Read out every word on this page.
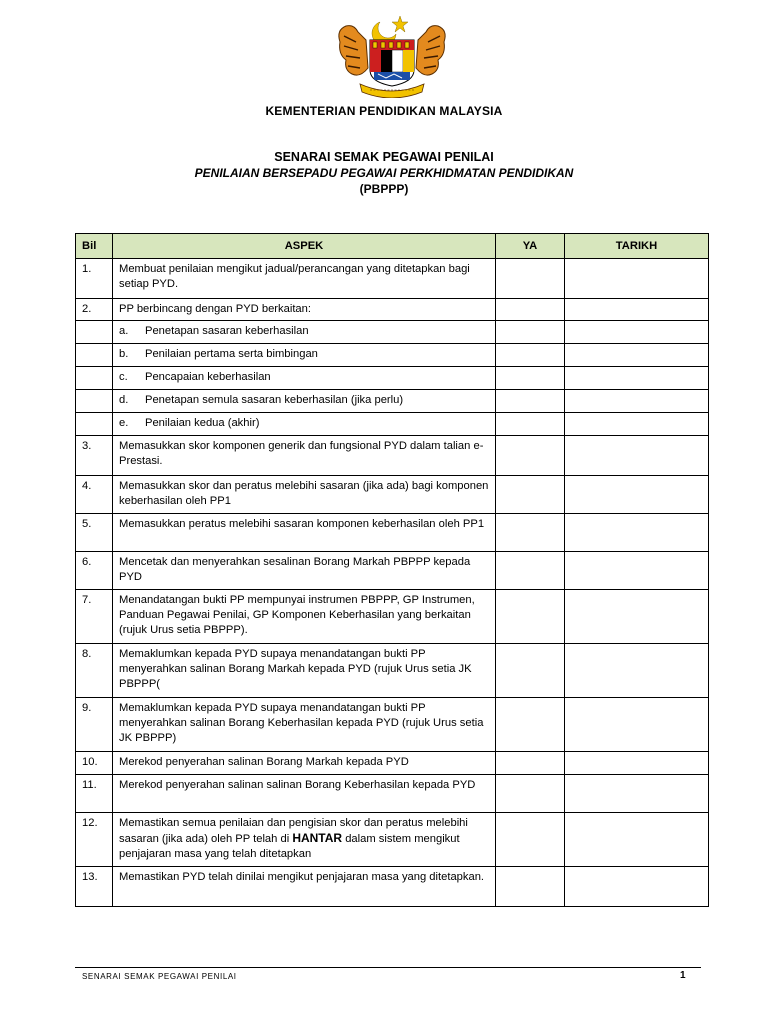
KEMENTERIAN PENDIDIKAN MALAYSIA
SENARAI SEMAK PEGAWAI PENILAI
PENILAIAN BERSEPADU PEGAWAI PERKHIDMATAN PENDIDIKAN
(PBPPP)
Bil	ASPEK	YA	TARIKH
1.	Membuat penilaian mengikut jadual/perancangan yang ditetapkan bagi setiap PYD.		
2.	PP berbincang dengan PYD berkaitan:		
	a. Penetapan sasaran keberhasilan		
	b. Penilaian pertama serta bimbingan		
	c. Pencapaian keberhasilan		
	d. Penetapan semula sasaran keberhasilan (jika perlu)		
	e. Penilaian kedua (akhir)		
3.	Memasukkan skor komponen generik dan fungsional PYD dalam talian e-Prestasi.		
4.	Memasukkan skor dan peratus melebihi sasaran (jika ada) bagi komponen keberhasilan oleh PP1		
5.	Memasukkan peratus melebihi sasaran komponen keberhasilan oleh PP1		
6.	Mencetak dan menyerahkan sesalinan Borang Markah PBPPP kepada PYD		
7.	Menandatangan bukti PP mempunyai instrumen PBPPP, GP Instrumen, Panduan Pegawai Penilai, GP Komponen Keberhasilan yang berkaitan (rujuk Urus setia PBPPP).		
8.	Memaklumkan kepada PYD supaya menandatangan bukti PP menyerahkan salinan Borang Markah kepada PYD (rujuk Urus setia JK PBPPP(		
9.	Memaklumkan kepada PYD supaya menandatangan bukti PP menyerahkan salinan Borang Keberhasilan kepada PYD (rujuk Urus setia JK PBPPP)		
10.	Merekod penyerahan salinan Borang Markah kepada PYD		
11.	Merekod penyerahan salinan salinan Borang Keberhasilan kepada PYD		
12.	Memastikan semua penilaian dan pengisian skor dan peratus melebihi sasaran (jika ada) oleh PP telah di HANTAR dalam sistem mengikut penjajaran masa yang telah ditetapkan		
13.	Memastikan PYD telah dinilai mengikut penjajaran masa yang ditetapkan.		
SENARAI SEMAK PEGAWAI PENILAI	1
